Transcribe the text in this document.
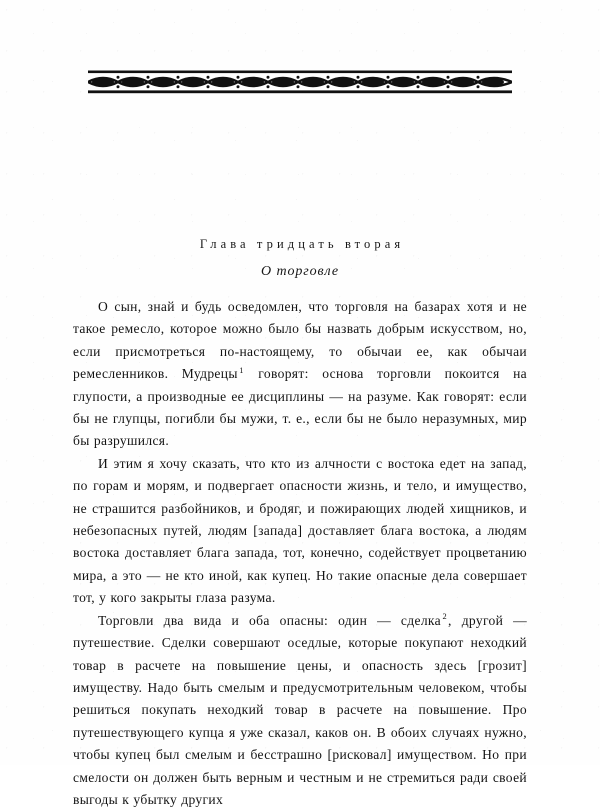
Глава тридцать вторая
О торговле

О сын, знай и будь осведомлен, что торговля на базарах хотя и не такое ремесло, которое можно было бы назвать добрым искусством, но, если присмотреться по-настоящему, то обычаи ее, как обычаи ремесленников. Мудрецы $^1$ говорят: основа торговли покоится на глупости, а производные ее дисциплины — на разуме. Как говорят: если бы не глупцы, погибли бы мужи, т. е., если бы не было неразумных, мир бы разрушился.

И этим я хочу сказать, что кто из алчности с востока едет на запад, по горам и морям, и подвергает опасности жизнь, и тело, и имущество, не страшится разбойников, и бродяг, и пожирающих людей хищников, и небезопасных путей, людям [запада] доставляет блага востока, а людям востока доставляет блага запада, тот, конечно, содействует процветанию мира, а это — не кто иной, как купец. Но такие опасные дела совершает тот, у кого закрыты глаза разума.

Торговли два вида и оба опасны: один — сделка $^2$, другой — путешествие. Сделки совершают оседлые, которые покупают неходкий товар в расчете на повышение цены, и опасность здесь [грозит] имуществу. Надо быть смелым и предусмотрительным человеком, чтобы решиться покупать неходкий товар в расчете на повышение. Про путешествующего купца я уже сказал, каков он. В обоих случаях нужно, чтобы купец был смелым и бесстрашно [рисковал] имуществом. Но при смелости он должен быть верным и честным и не стремиться ради своей выгоды к убытку других
